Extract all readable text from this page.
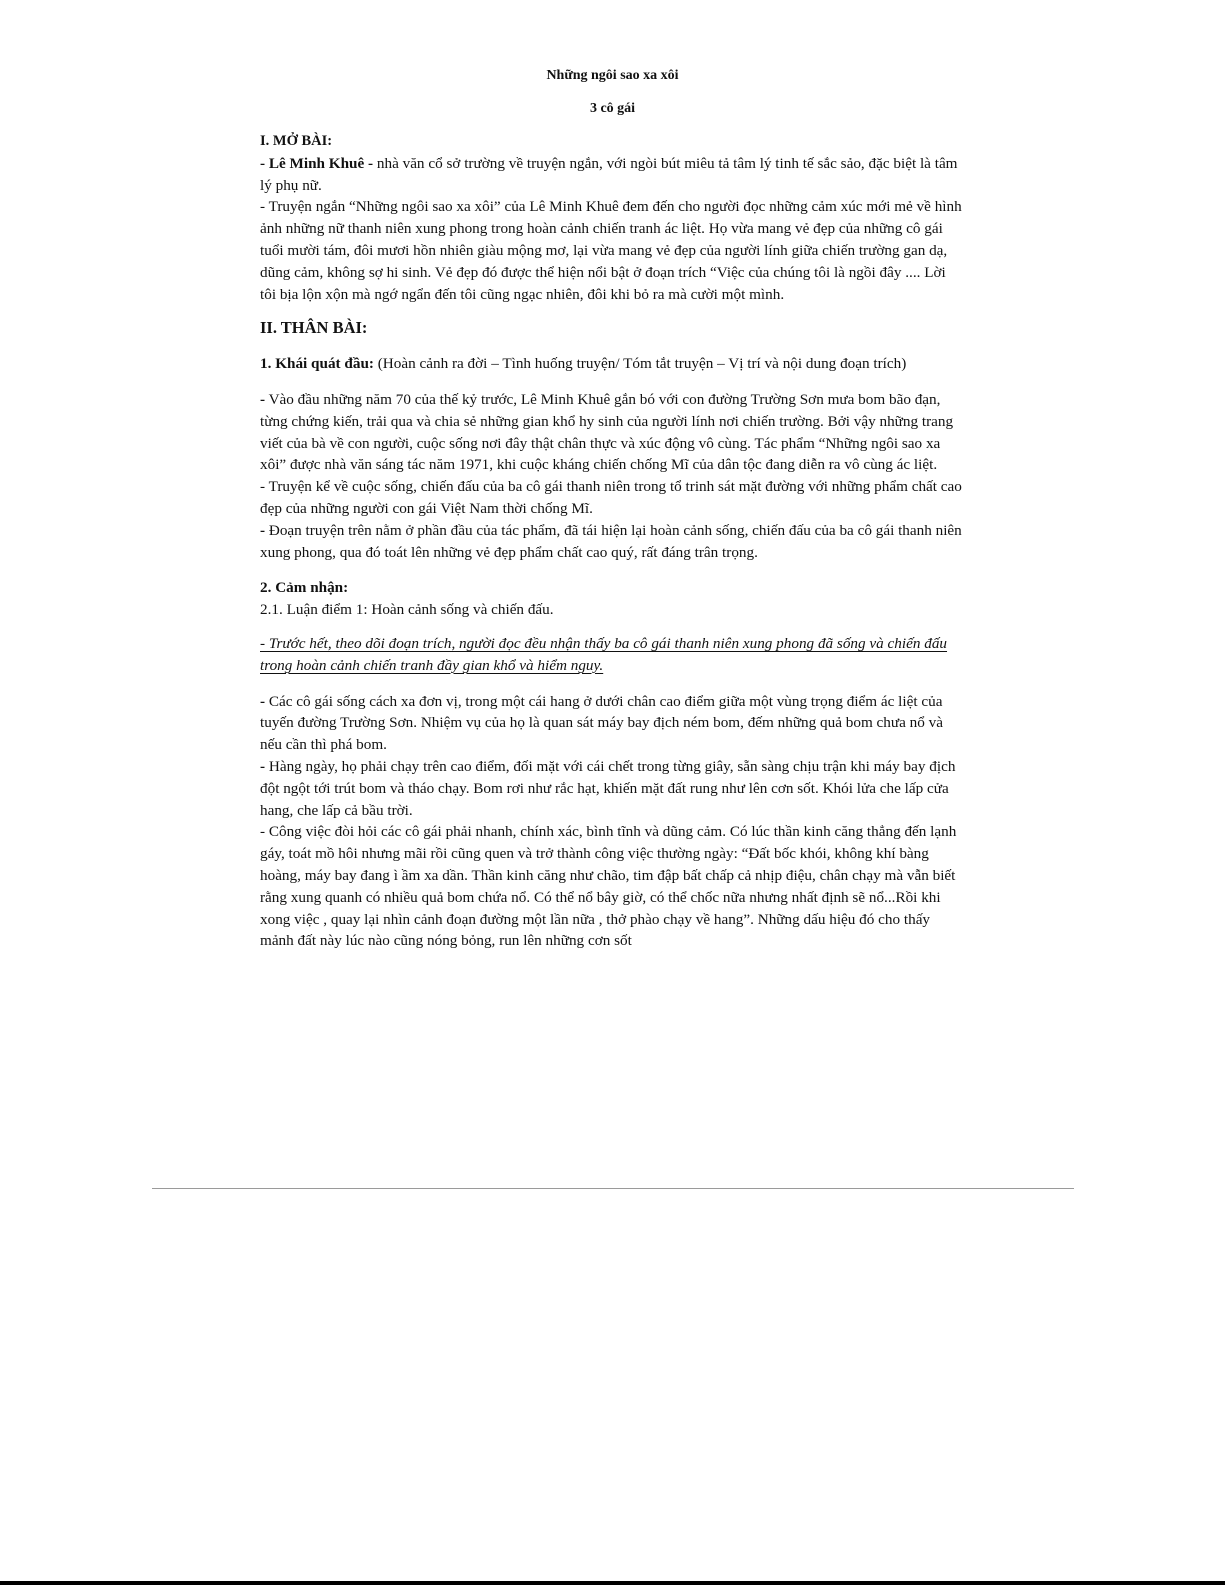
Những ngôi sao xa xôi

3 cô gái

I. MỞ BÀI:

- Lê Minh Khuê - nhà văn cổ sở trường về truyện ngắn, với ngòi bút miêu tả tâm lý tinh tế sắc sảo, đặc biệt là tâm lý phụ nữ.

- Truyện ngắn “Những ngôi sao xa xôi” của Lê Minh Khuê đem đến cho người đọc những cảm xúc mới mẻ về hình ảnh những nữ thanh niên xung phong trong hoàn cảnh chiến tranh ác liệt. Họ vừa mang vẻ đẹp của những cô gái tuổi mười tám, đôi mươi hồn nhiên giàu mộng mơ, lại vừa mang vẻ đẹp của người lính giữa chiến trường gan dạ, dũng cảm, không sợ hi sinh. Vẻ đẹp đó được thể hiện nổi bật ở đoạn trích “Việc của chúng tôi là ngồi đây .... Lời tôi bịa lộn xộn mà ngớ ngẩn đến tôi cũng ngạc nhiên, đôi khi bỏ ra mà cười một mình.

II. THÂN BÀI:

1. Khái quát đầu: (Hoàn cảnh ra đời – Tình huống truyện/ Tóm tắt truyện – Vị trí và nội dung đoạn trích)

- Vào đầu những năm 70 của thế kỷ trước, Lê Minh Khuê gắn bó với con đường Trường Sơn mưa bom bão đạn, từng chứng kiến, trải qua và chia sẻ những gian khổ hy sinh của người lính nơi chiến trường. Bởi vậy những trang viết của bà về con người, cuộc sống nơi đây thật chân thực và xúc động vô cùng. Tác phẩm “Những ngôi sao xa xôi” được nhà văn sáng tác năm 1971, khi cuộc kháng chiến chống Mĩ của dân tộc đang diễn ra vô cùng ác liệt.

- Truyện kể về cuộc sống, chiến đấu của ba cô gái thanh niên trong tổ trinh sát mặt đường với những phẩm chất cao đẹp của những người con gái Việt Nam thời chống Mĩ.

- Đoạn truyện trên nằm ở phần đầu của tác phẩm, đã tái hiện lại hoàn cảnh sống, chiến đấu của ba cô gái thanh niên xung phong, qua đó toát lên những vẻ đẹp phẩm chất cao quý, rất đáng trân trọng.

2. Cảm nhận:

2.1. Luận điểm 1: Hoàn cảnh sống và chiến đấu.

- Trước hết, theo dõi đoạn trích, người đọc đều nhận thấy ba cô gái thanh niên xung phong đã sống và chiến đấu trong hoàn cảnh chiến tranh đầy gian khổ và hiểm nguy.

- Các cô gái sống cách xa đơn vị, trong một cái hang ở dưới chân cao điểm giữa một vùng trọng điểm ác liệt của tuyến đường Trường Sơn. Nhiệm vụ của họ là quan sát máy bay địch ném bom, đếm những quả bom chưa nổ và nếu cần thì phá bom.

- Hàng ngày, họ phải chạy trên cao điểm, đối mặt với cái chết trong từng giây, sẵn sàng chịu trận khi máy bay địch đột ngột tới trút bom và tháo chạy. Bom rơi như rắc hạt, khiến mặt đất rung như lên cơn sốt. Khói lửa che lấp cửa hang, che lấp cả bầu trời.

- Công việc đòi hỏi các cô gái phải nhanh, chính xác, bình tĩnh và dũng cảm. Có lúc thần kinh căng thẳng đến lạnh gáy, toát mồ hôi nhưng mãi rồi cũng quen và trở thành công việc thường ngày: “Đất bốc khói, không khí bàng hoàng, máy bay đang ì ầm xa dần. Thần kinh căng như chão, tim đập bất chấp cả nhịp điệu, chân chạy mà vẫn biết rằng xung quanh có nhiều quả bom chứa nổ. Có thể nổ bây giờ, có thể chốc nữa nhưng nhất định sẽ nổ...Rồi khi xong việc , quay lại nhìn cảnh đoạn đường một lần nữa , thở phào chạy về hang”. Những dấu hiệu đó cho thấy mảnh đất này lúc nào cũng nóng bỏng, run lên những cơn sốt
